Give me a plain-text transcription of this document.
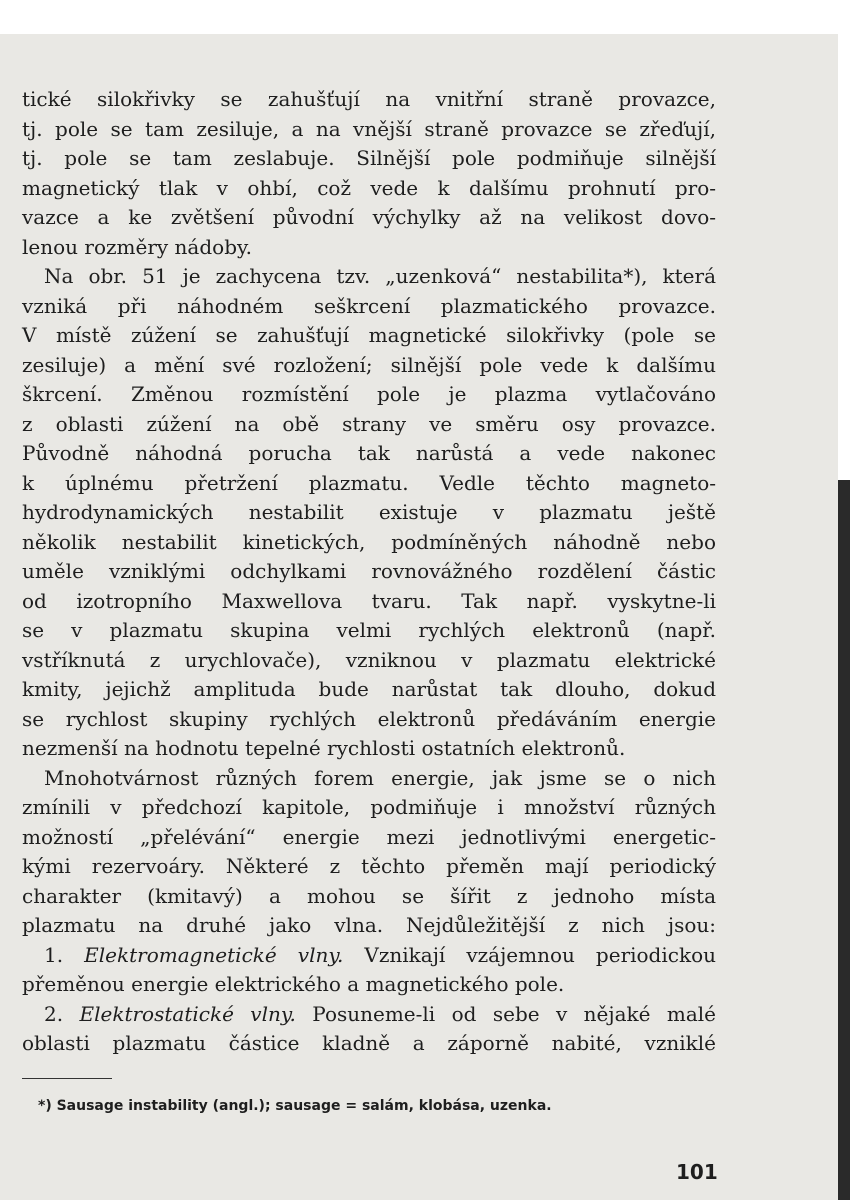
tické silokřivky se zahušťují na vnitřní straně provazce,
tj. pole se tam zesiluje, a na vnější straně provazce se zřeďují,
tj. pole se tam zeslabuje. Silnější pole podmiňuje silnější
magnetický tlak v ohbí, což vede k dalšímu prohnutí pro-
vazce a ke zvětšení původní výchylky až na velikost dovo-
lenou rozměry nádoby.
Na obr. 51 je zachycena tzv. „uzenková“ nestabilita*), která
vzniká při náhodném seškrcení plazmatického provazce.
V místě zúžení se zahušťují magnetické silokřivky (pole se
zesiluje) a mění své rozložení; silnější pole vede k dalšímu
škrcení. Změnou rozmístění pole je plazma vytlačováno
z oblasti zúžení na obě strany ve směru osy provazce.
Původně náhodná porucha tak narůstá a vede nakonec
k úplnému přetržení plazmatu. Vedle těchto magneto-
hydrodynamických nestabilit existuje v plazmatu ještě
několik nestabilit kinetických, podmíněných náhodně nebo
uměle vzniklými odchylkami rovnovážného rozdělení částic
od izotropního Maxwellova tvaru. Tak např. vyskytne-li
se v plazmatu skupina velmi rychlých elektronů (např.
vstříknutá z urychlovače), vzniknou v plazmatu elektrické
kmity, jejichž amplituda bude narůstat tak dlouho, dokud
se rychlost skupiny rychlých elektronů předáváním energie
nezmenší na hodnotu tepelné rychlosti ostatních elektronů.
Mnohotvárnost různých forem energie, jak jsme se o nich
zmínili v předchozí kapitole, podmiňuje i množství různých
možností „přelévání“ energie mezi jednotlivými energetic-
kými rezervoáry. Některé z těchto přeměn mají periodický
charakter (kmitavý) a mohou se šířit z jednoho místa
plazmatu na druhé jako vlna. Nejdůležitější z nich jsou:
1. Elektromagnetické vlny. Vznikají vzájemnou periodickou
přeměnou energie elektrického a magnetického pole.
2. Elektrostatické vlny. Posuneme-li od sebe v nějaké malé
oblasti plazmatu částice kladně a záporně nabité, vzniklé
*) Sausage instability (angl.); sausage = salám, klobása, uzenka.
101
